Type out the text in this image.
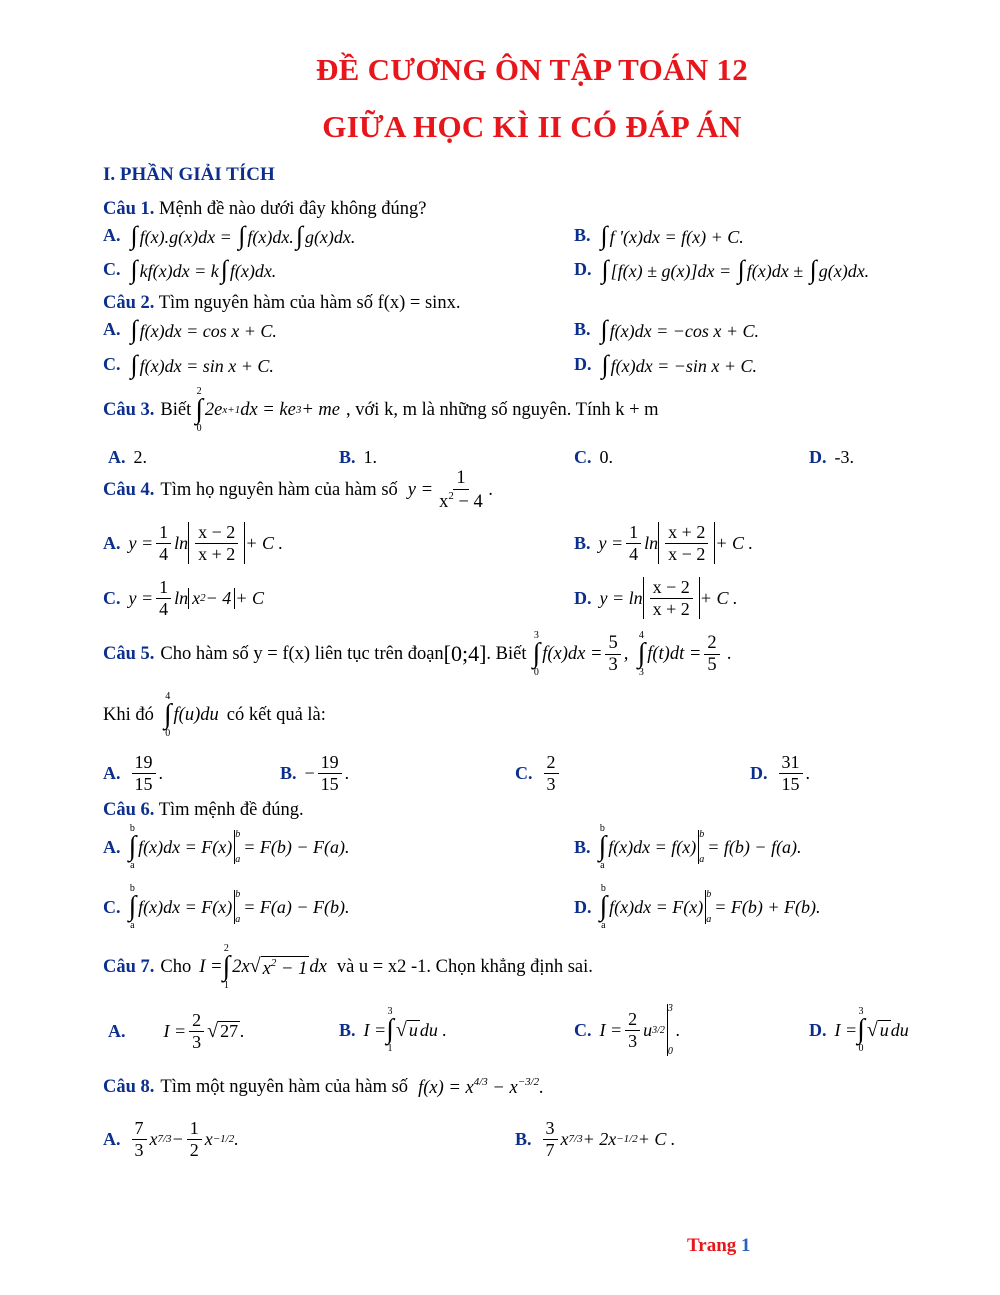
ĐỀ CƯƠNG ÔN TẬP TOÁN 12
GIỮA HỌC KÌ II CÓ ĐÁP ÁN
I. PHẦN GIẢI TÍCH
Câu 1. Mệnh đề nào dưới đây không đúng?
A. ∫ f(x).g(x)dx = ∫ f(x)dx.∫ g(x)dx.	B. ∫ f '(x)dx = f(x) + C.
C. ∫ kf(x)dx = k∫ f(x)dx.	D. ∫ [f(x) ± g(x)]dx = ∫ f(x)dx ± ∫ g(x)dx.
Câu 2. Tìm nguyên hàm của hàm số f(x) = sinx.
A. ∫ f(x)dx = cos x + C.	B. ∫ f(x)dx = −cos x + C.
C. ∫ f(x)dx = sin x + C.	D. ∫ f(x)dx = −sin x + C.
Câu 3. Biết
2
∫
0
2e x+1 dx = ke 3 + me , với k, m là những số nguyên. Tính k + m
A. 2.	B. 1.	C. 0.	D. -3.
Câu 4. Tìm họ nguyên hàm của hàm số $y = \frac{1}{x^2 - 4}$ .
A. $y = \frac{1}{4}$ $\ln \frac{x - 2}{x + 2} + C$ .	B. $y = \frac{1}{4}$ $\ln \frac{x + 2}{x - 2} + C$ .
C. $y = \frac{1}{4}$ ln x 2 − 4 + C	D. $y = \ln \frac{x - 2}{x + 2} + C$ .
Câu 5. Cho hàm số y = f(x) liên tục trên đoạn [0;4] . Biết
3
∫
0
$f(x)dx = \frac{5}{3}$ ,
4
∫
3
$f(t)dt = \frac{2}{5}$ .
Khi đó
4
∫
0
f(u)du có kết quả là:
A. $\frac{19}{15}$ .	B. − $\frac{19}{15}$ .	C. $\frac{2}{3}$	D. $\frac{31}{15}$ .
Câu 6. Tìm mệnh đề đúng.
A.
b
∫
a
f(x)dx = F(x)
b
a
= F(b) − F(a).	B.
b
∫
a
f(x)dx = f(x)
b
a
= f(b) − f(a).
C.
b
∫
a
f(x)dx = F(x)
b
a
= F(a) − F(b).	D.
b
∫
a
f(x)dx = F(x)
b
a
= F(b) + F(b).
Câu 7. Cho I =
2
∫
1
2x √ $x^2 - 1$ dx và u = x2 -1. Chọn khẳng định sai.
A. $I = \frac{2}{3}$ √ 27 .	B. I =
3
∫
1
√ u du .	C. $I = \frac{2}{3}$ u 3/2
3
0
.	D. I =
3
∫
0
√ u du
Câu 8. Tìm một nguyên hàm của hàm số $f(x) = x^{4/3} - x^{-3/2}$.
A. $\frac{7}{3}$ x $7/3 - \frac{1}{2}$ x −1/2 .	B. $\frac{3}{7}$ x 7/3 + 2x −1/2 + C .
Trang 1
